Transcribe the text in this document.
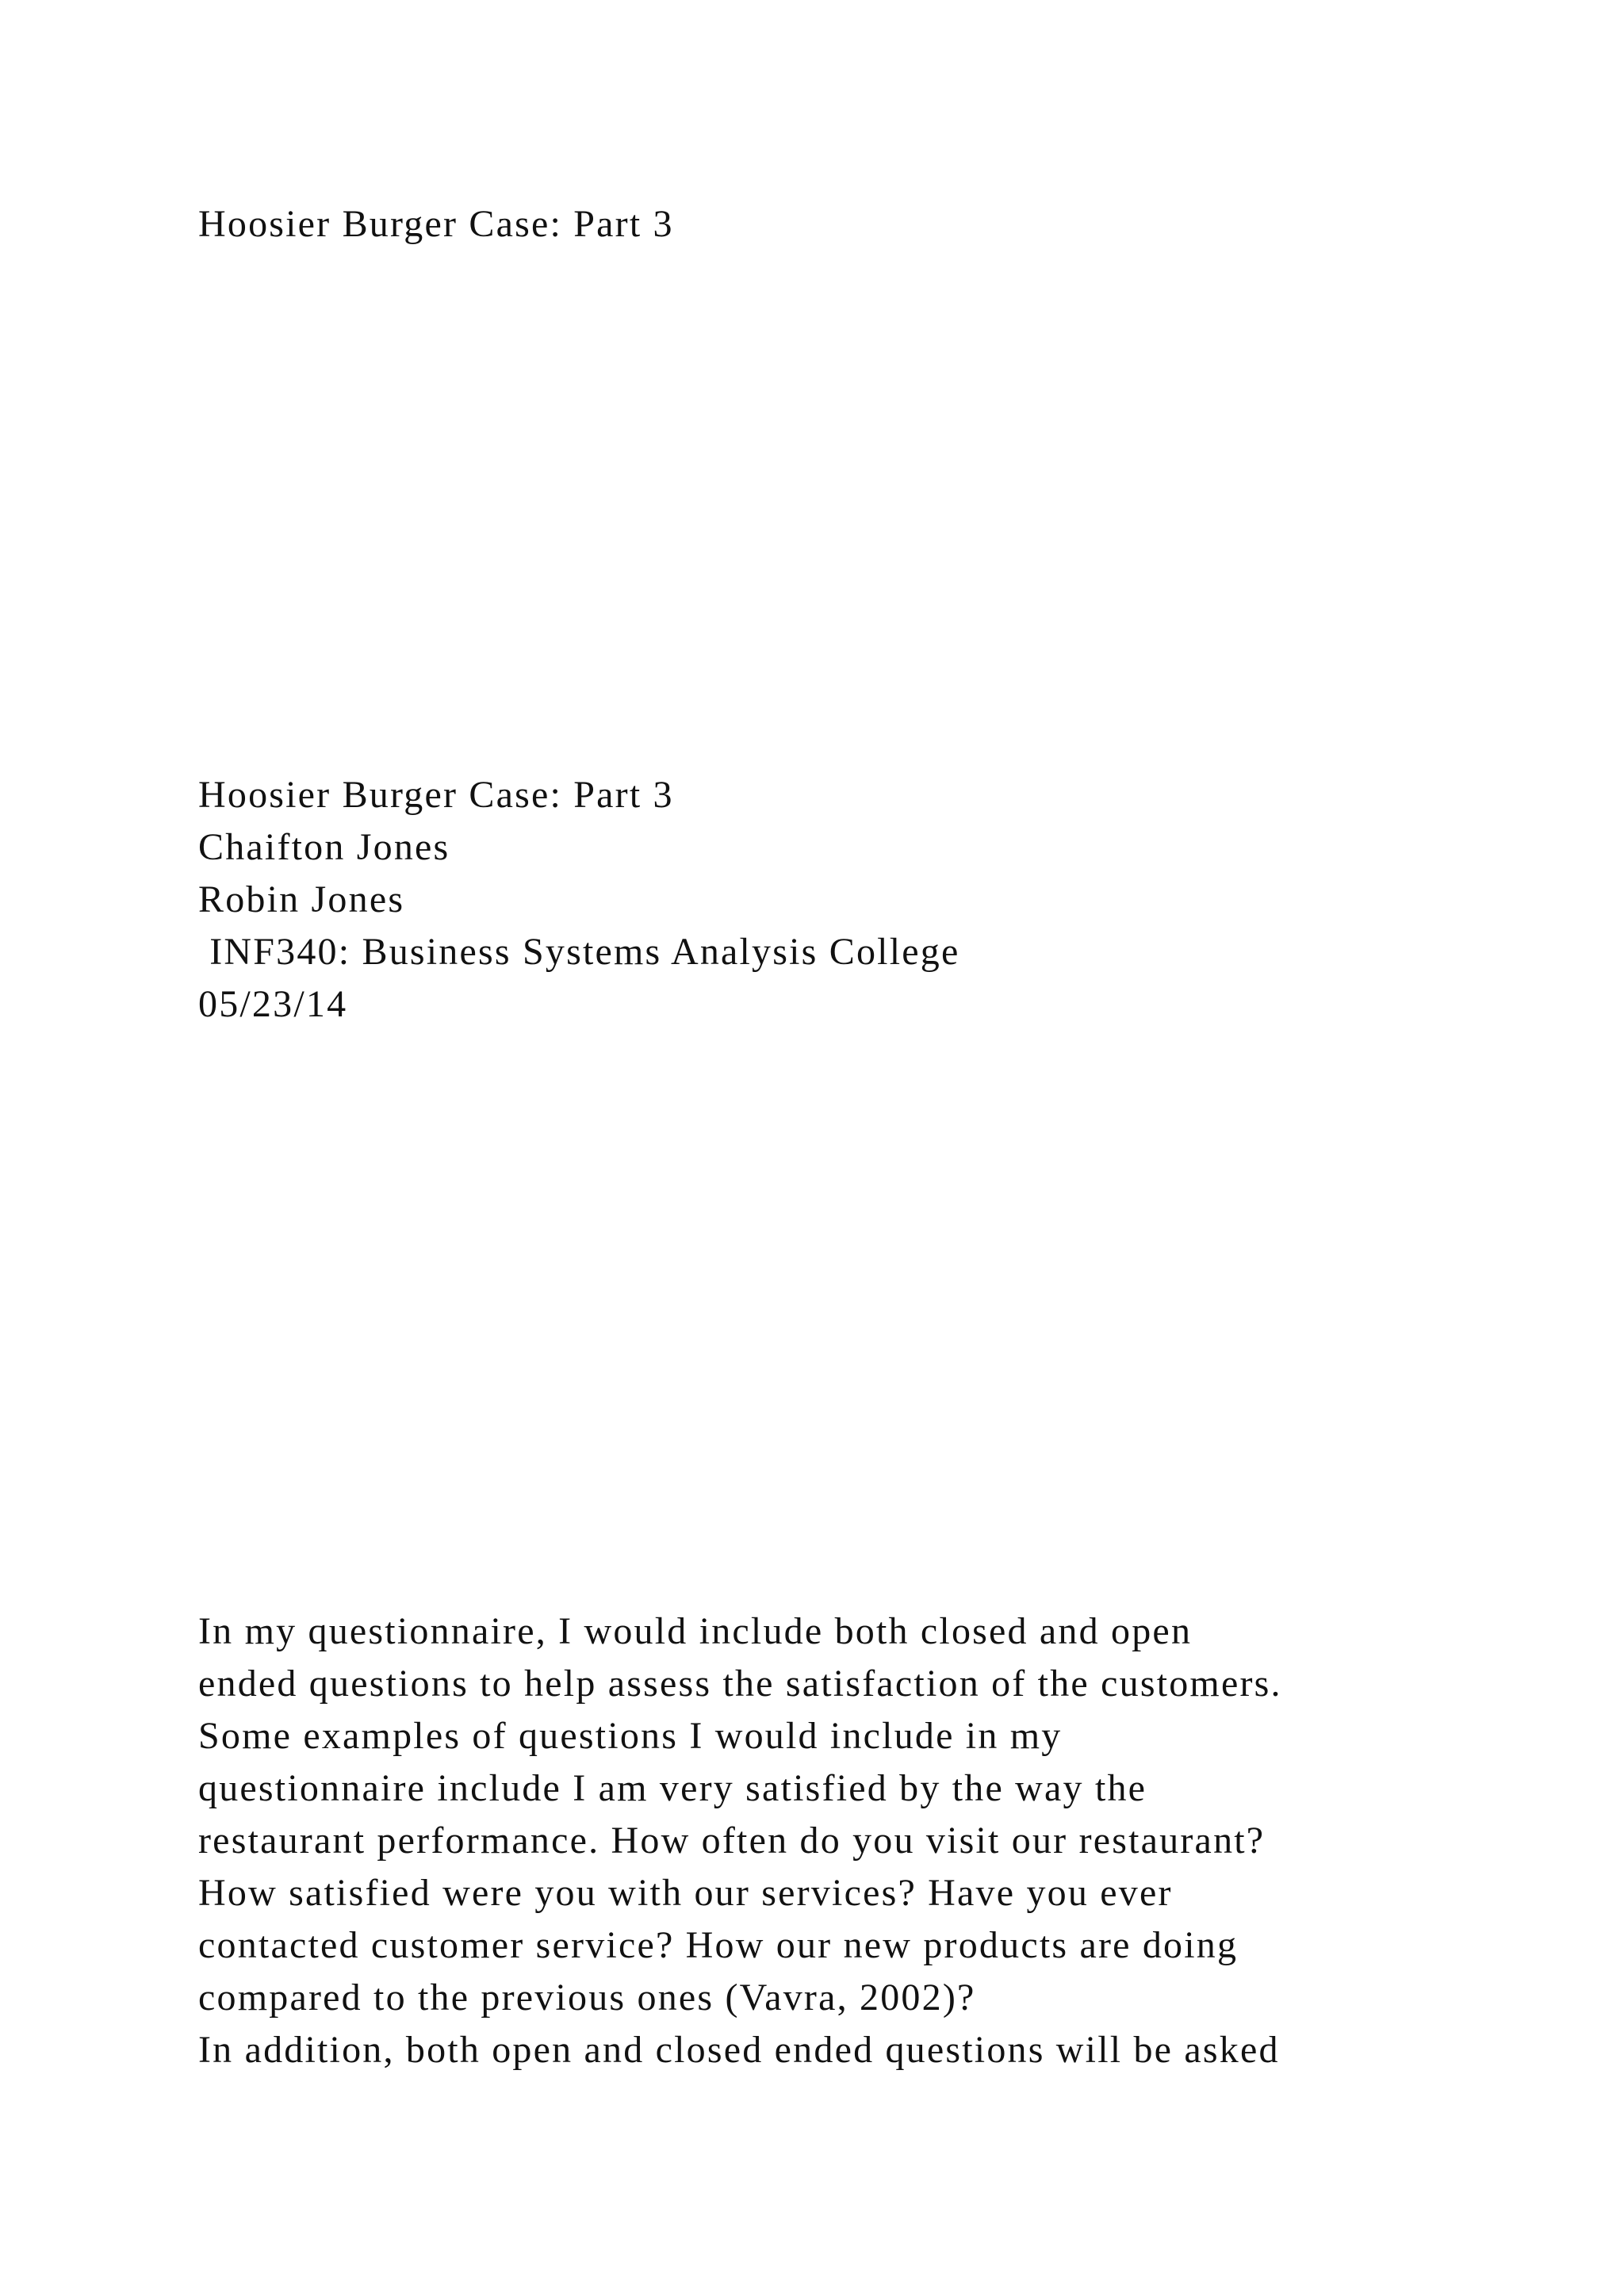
Hoosier Burger Case: Part 3
Hoosier Burger Case: Part 3
Chaifton Jones
Robin Jones
INF340: Business Systems Analysis College
05/23/14
In my questionnaire, I would include both closed and open
ended questions to help assess the satisfaction of the customers.
Some examples of questions I would include in my
questionnaire include I am very satisfied by the way the
restaurant performance. How often do you visit our restaurant?
How satisfied were you with our services? Have you ever
contacted customer service? How our new products are doing
compared to the previous ones (Vavra, 2002)?
In addition, both open and closed ended questions will be asked
